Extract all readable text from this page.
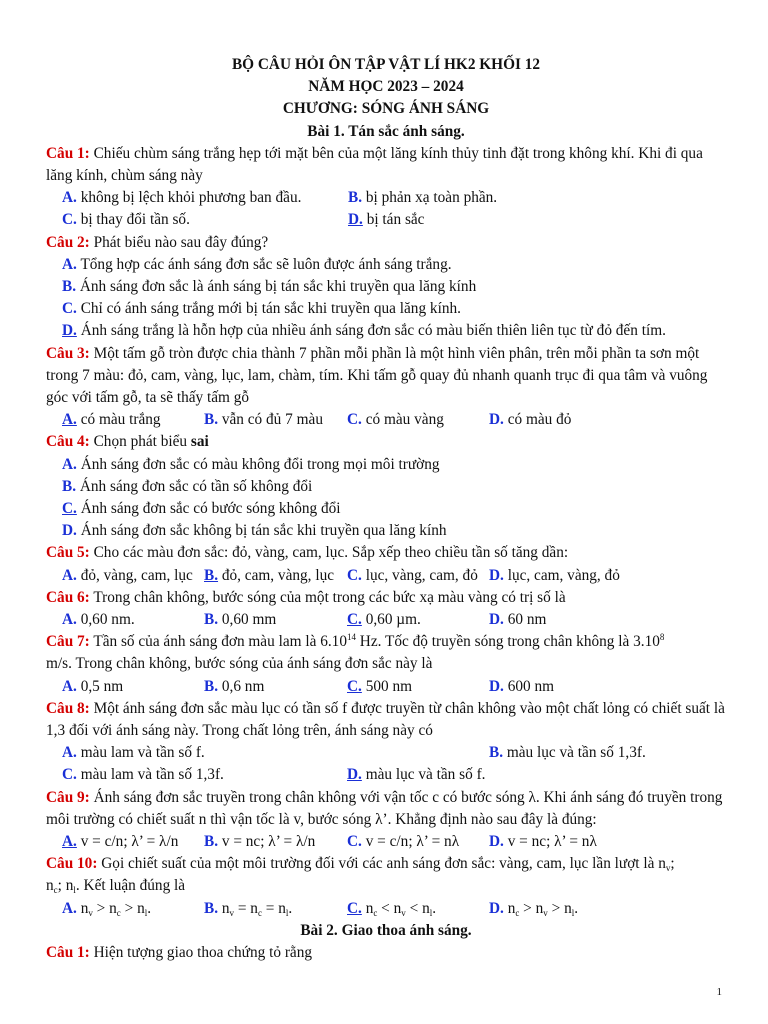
BỘ CÂU HỎI ÔN TẬP VẬT LÍ HK2 KHỐI 12
NĂM HỌC 2023 – 2024
CHƯƠNG: SÓNG ÁNH SÁNG
Bài 1. Tán sắc ánh sáng.
Câu 1: Chiếu chùm sáng trắng hẹp tới mặt bên của một lăng kính thủy tinh đặt trong không khí. Khi đi qua lăng kính, chùm sáng này
A. không bị lệch khỏi phương ban đầu.	B. bị phản xạ toàn phần.
C. bị thay đổi tần số.	D. bị tán sắc
Câu 2: Phát biểu nào sau đây đúng?
A. Tổng hợp các ánh sáng đơn sắc sẽ luôn được ánh sáng trắng.
B. Ánh sáng đơn sắc là ánh sáng bị tán sắc khi truyền qua lăng kính
C. Chỉ có ánh sáng trắng mới bị tán sắc khi truyền qua lăng kính.
D. Ánh sáng trắng là hỗn hợp của nhiều ánh sáng đơn sắc có màu biến thiên liên tục từ đỏ đến tím.
Câu 3: Một tấm gỗ tròn được chia thành 7 phần mỗi phần là một hình viên phân, trên mỗi phần ta sơn một trong 7 màu: đỏ, cam, vàng, lục, lam, chàm, tím. Khi tấm gỗ quay đủ nhanh quanh trục đi qua tâm và vuông góc với tấm gỗ, ta sẽ thấy tấm gỗ
A. có màu trắng	B. vẫn có đủ 7 màu C. có màu vàng	D. có màu đỏ
Câu 4: Chọn phát biểu sai
A. Ánh sáng đơn sắc có màu không đổi trong mọi môi trường
B. Ánh sáng đơn sắc có tần số không đổi
C. Ánh sáng đơn sắc có bước sóng không đổi
D. Ánh sáng đơn sắc không bị tán sắc khi truyền qua lăng kính
Câu 5: Cho các màu đơn sắc: đỏ, vàng, cam, lục. Sắp xếp theo chiều tần số tăng dần:
A. đỏ, vàng, cam, lục B. đỏ, cam, vàng, lục C. lục, vàng, cam, đỏ D. lục, cam, vàng, đỏ
Câu 6: Trong chân không, bước sóng của một trong các bức xạ màu vàng có trị số là
A. 0,60 nm.	B. 0,60 mm	C. 0,60 µm.	D. 60 nm
Câu 7: Tần số của ánh sáng đơn màu lam là 6.10$^{14}$ Hz. Tốc độ truyền sóng trong chân không là 3.10$^8$
m/s. Trong chân không, bước sóng của ánh sáng đơn sắc này là
A. 0,5 nm	B. 0,6 nm	C. 500 nm	D. 600 nm
Câu 8: Một ánh sáng đơn sắc màu lục có tần số f được truyền từ chân không vào một chất lỏng có chiết suất là 1,3 đối với ánh sáng này. Trong chất lỏng trên, ánh sáng này có
A. màu lam và tần số f.	B. màu lục và tần số 1,3f.
C. màu lam và tần số 1,3f.	D. màu lục và tần số f.
Câu 9: Ánh sáng đơn sắc truyền trong chân không với vận tốc c có bước sóng λ. Khi ánh sáng đó truyền trong môi trường có chiết suất n thì vận tốc là v, bước sóng λ’. Khẳng định nào sau đây là đúng:
A. v = c/n; λ’ = λ/n B. v = nc; λ’ = λ/n C. v = c/n; λ’ = nλ D. v = nc; λ’ = nλ
Câu 10: Gọi chiết suất của một môi trường đối với các anh sáng đơn sắc: vàng, cam, lục lần lượt là $n_v$;
$n_c$; $n_l$. Kết luận đúng là
A. $n_v > n_c > n_l$.	B. $n_v = n_c = n_l$.	C. $n_c < n_v < n_l$.	D. $n_c > n_v > n_l$.
Bài 2. Giao thoa ánh sáng.
Câu 1: Hiện tượng giao thoa chứng tỏ rằng
1
